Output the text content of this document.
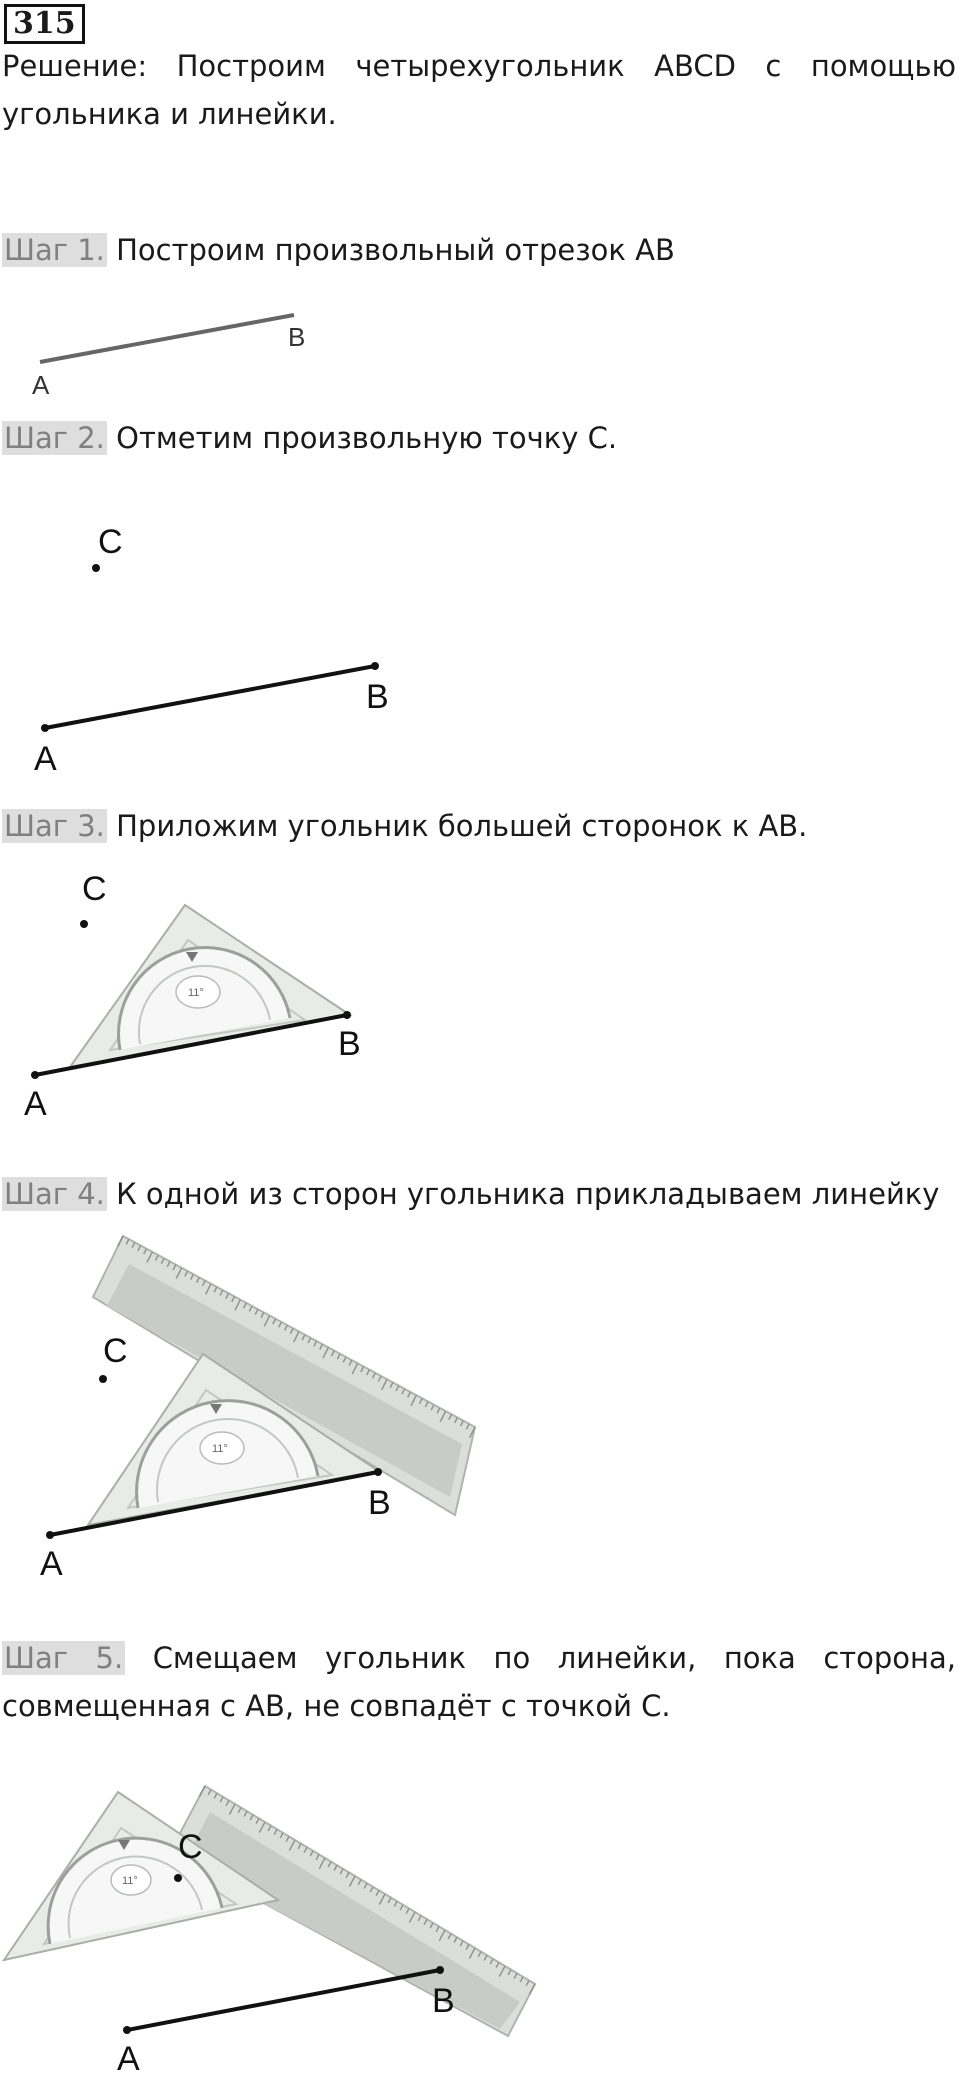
315
Решение: Построим четырехугольник ABCD с помощью угольника и линейки.
Шаг 1. Построим произвольный отрезок AB
A
B
Шаг 2. Отметим произвольную точку С.
C
A
B
Шаг 3. Приложим угольник большей сторонок к AB.
11°
C
A
B
Шаг 4. К одной из сторон угольника прикладываем линейку
11°
C
A
B
Шаг 5. Смещаем угольник по линейки, пока сторона, совмещенная с AB, не совпадёт с точкой С.
11°
C
A
B
